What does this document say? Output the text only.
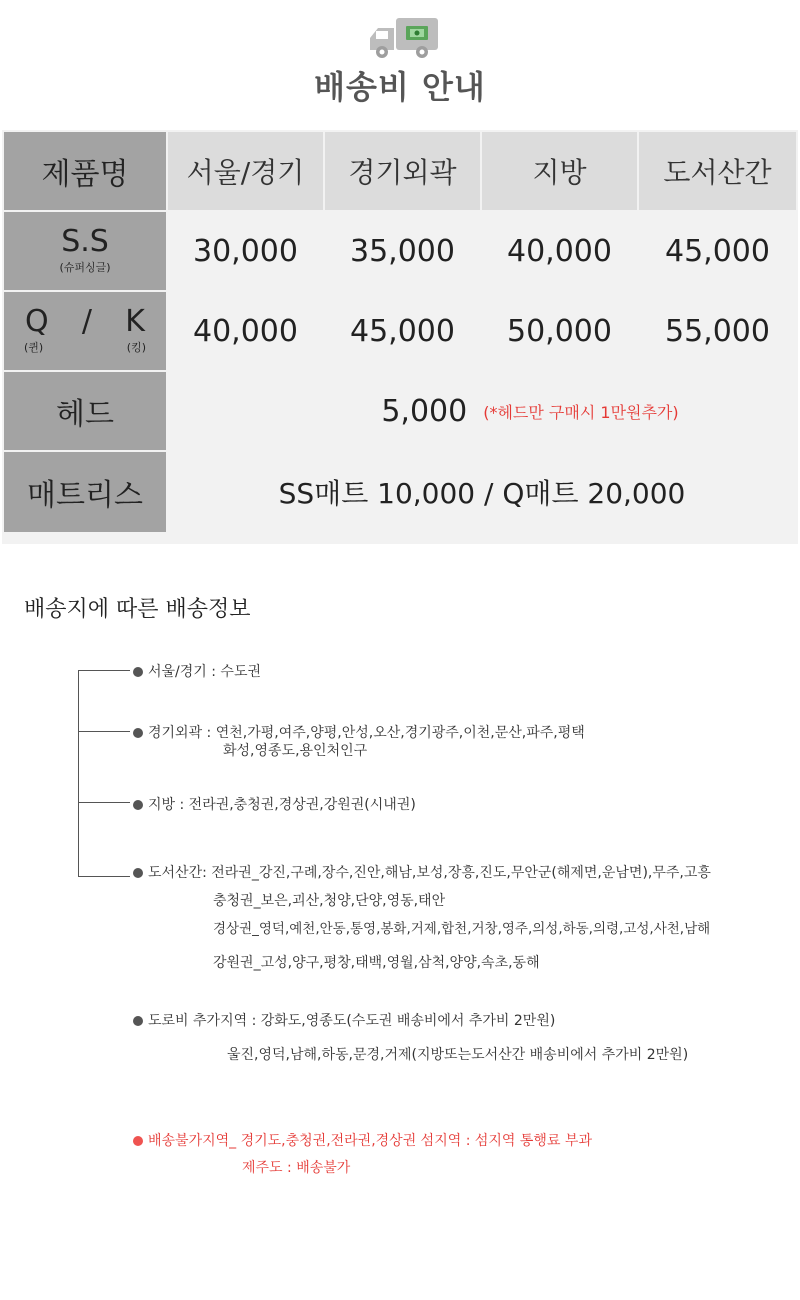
배송비 안내
제품명 서울/경기 경기외곽	지방	도서산간
S.S
(슈퍼싱글)	30,000 35,000 40,000 45,000
Q / K
(퀸)	(킹) 40,000 45,000 50,000 55,000
헤드	5,000 (*헤드만 구매시 1만원추가)
매트리스	SS매트 10,000 / Q매트 20,000
배송지에 따른 배송정보
서울/경기 : 수도권
경기외곽 : 연천,가평,여주,양평,안성,오산,경기광주,이천,문산,파주,평택
화성,영종도,용인처인구
지방 : 전라권,충청권,경상권,강원권(시내권)
도서산간: 전라권_강진,구례,장수,진안,해남,보성,장흥,진도,무안군(해제면,운남면),무주,고흥
충청권_보은,괴산,청양,단양,영동,태안
경상권_영덕,예천,안동,통영,봉화,거제,합천,거창,영주,의성,하동,의령,고성,사천,남해
강원권_고성,양구,평창,태백,영월,삼척,양양,속초,동해
도로비 추가지역 : 강화도,영종도(수도권 배송비에서 추가비 2만원)
울진,영덕,남해,하동,문경,거제(지방또는도서산간 배송비에서 추가비 2만원)
배송불가지역_ 경기도,충청권,전라권,경상권 섬지역 : 섬지역 통행료 부과
제주도 : 배송불가
